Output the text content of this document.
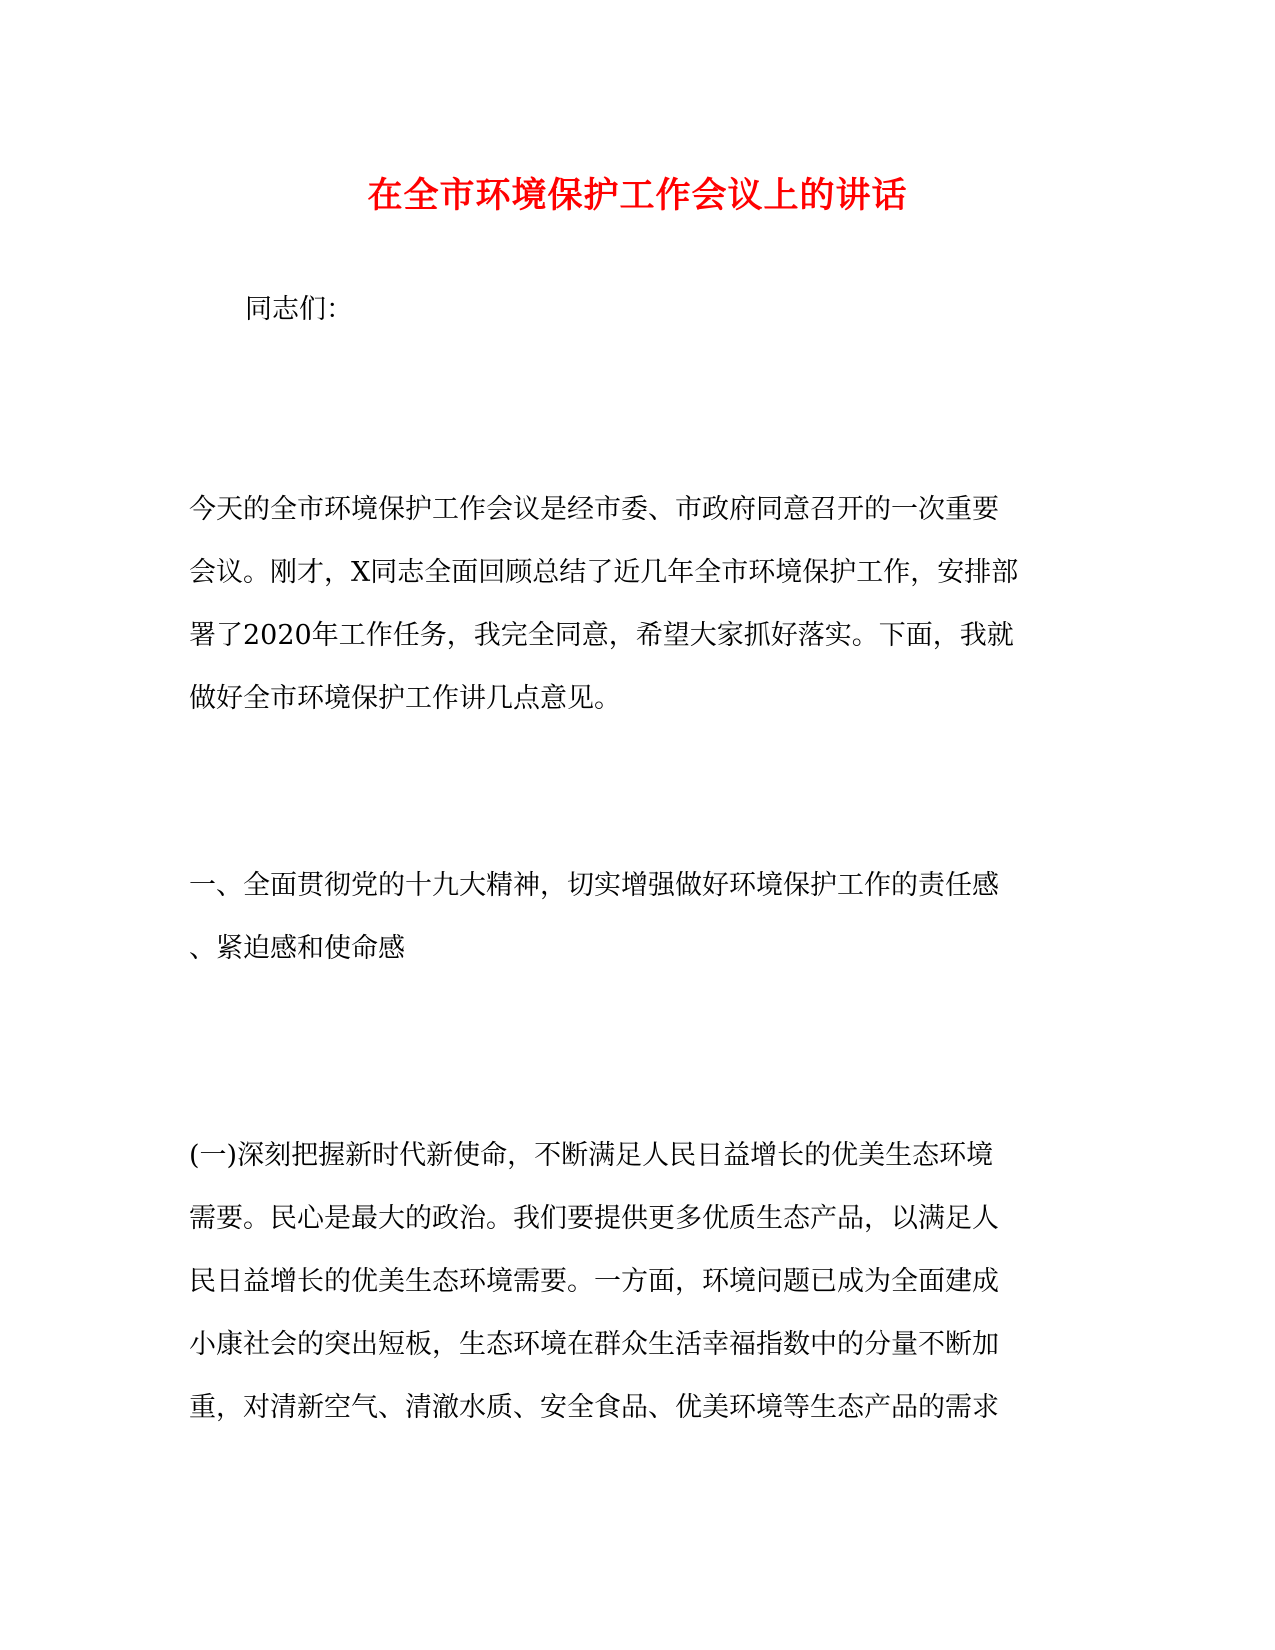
在全市环境保护工作会议上的讲话
同志们：

今天的全市环境保护工作会议是经市委、市政府同意召开的一次重要
会议。刚才，X同志全面回顾总结了近几年全市环境保护工作，安排部
署了2020年工作任务，我完全同意，希望大家抓好落实。下面，我就
做好全市环境保护工作讲几点意见。

一、全面贯彻党的十九大精神，切实增强做好环境保护工作的责任感
、紧迫感和使命感

(一)深刻把握新时代新使命，不断满足人民日益增长的优美生态环境
需要。民心是最大的政治。我们要提供更多优质生态产品，以满足人
民日益增长的优美生态环境需要。一方面，环境问题已成为全面建成
小康社会的突出短板，生态环境在群众生活幸福指数中的分量不断加
重，对清新空气、清澈水质、安全食品、优美环境等生态产品的需求
